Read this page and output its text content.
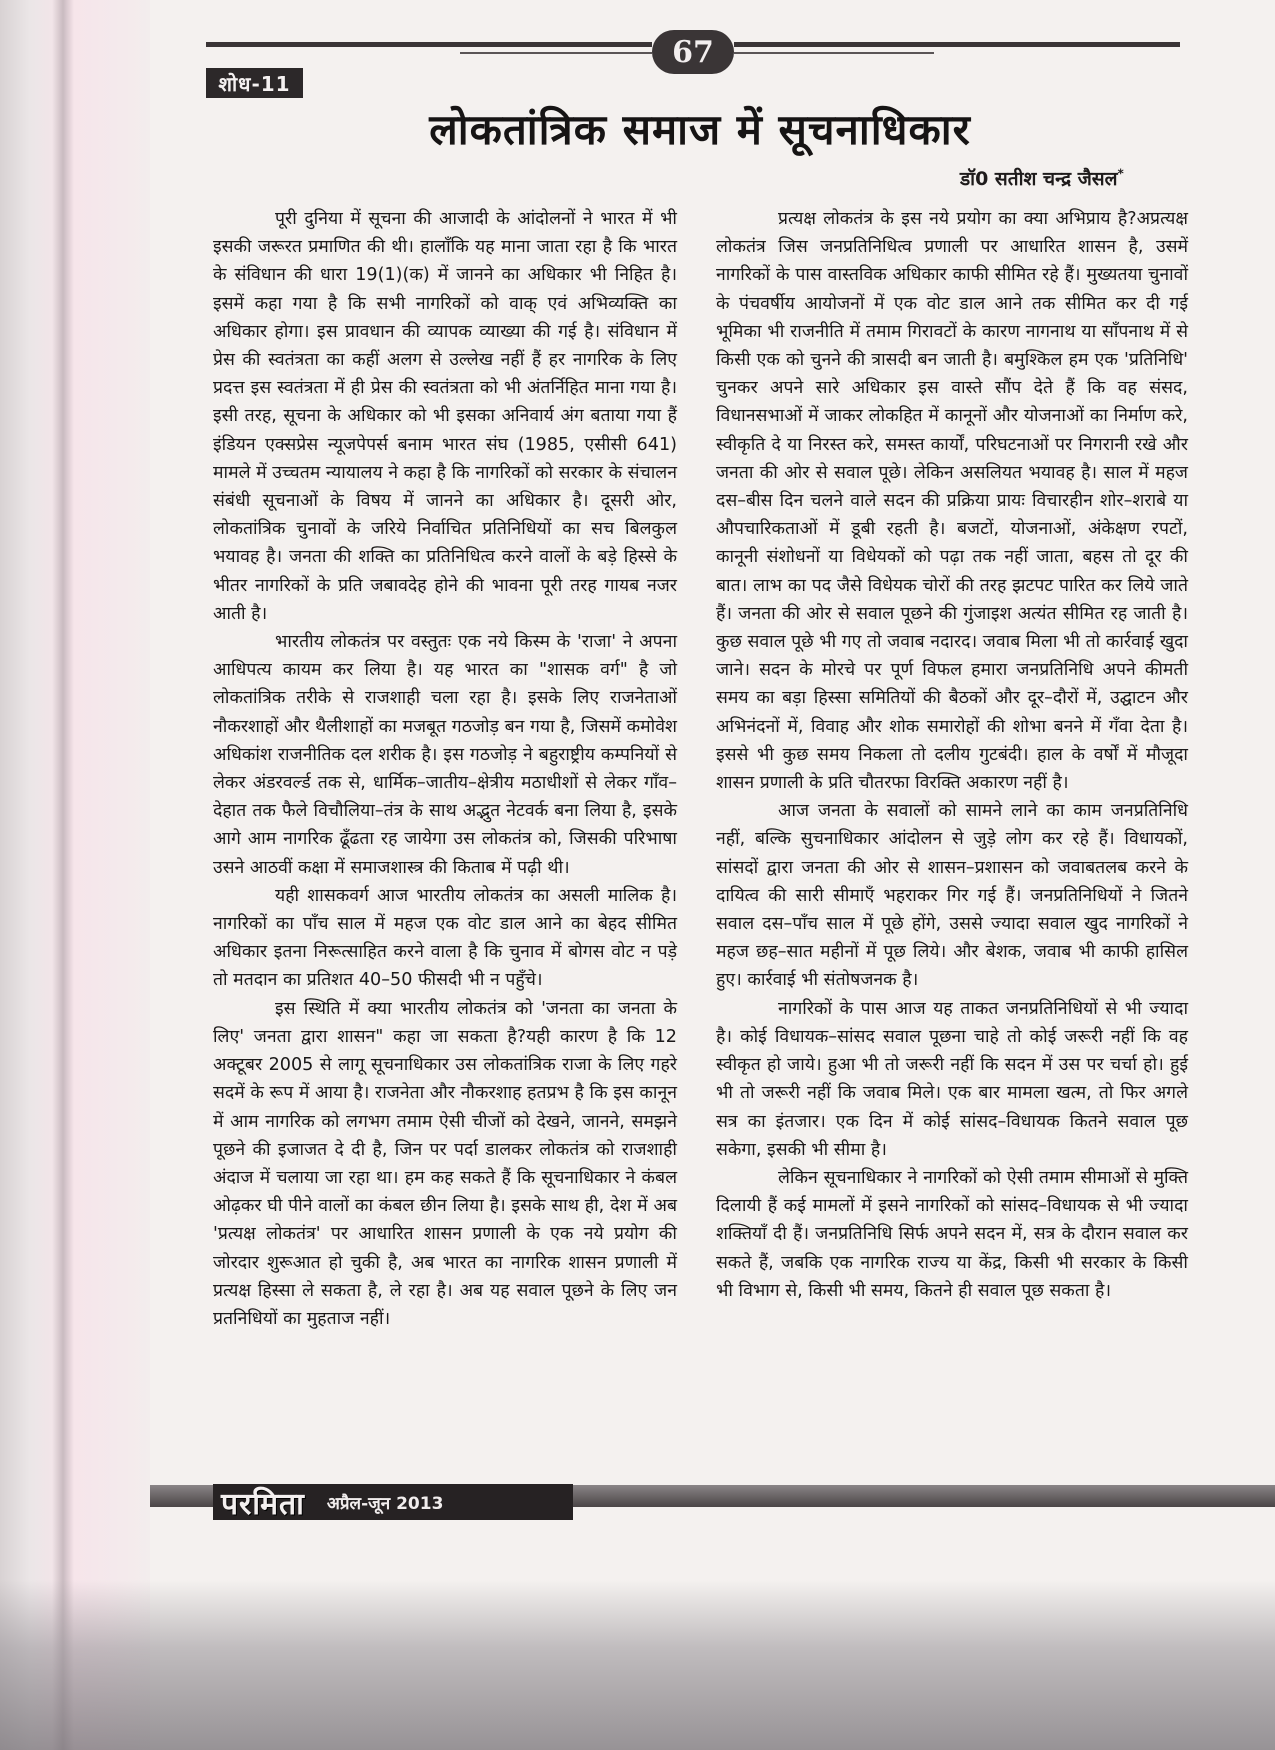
67
शोध-11
लोकतांत्रिक समाज में सूचनाधिकार
डॉ0 सतीश चन्द्र जैसल*

पूरी दुनिया में सूचना की आजादी के आंदोलनों ने भारत में भी इसकी जरूरत प्रमाणित की थी। हालाँकि यह माना जाता रहा है कि भारत के संविधान की धारा 19(1)(क) में जानने का अधिकार भी निहित है। इसमें कहा गया है कि सभी नागरिकों को वाक् एवं अभिव्यक्ति का अधिकार होगा। इस प्रावधान की व्यापक व्याख्या की गई है। संविधान में प्रेस की स्वतंत्रता का कहीं अलग से उल्लेख नहीं हैं हर नागरिक के लिए प्रदत्त इस स्वतंत्रता में ही प्रेस की स्वतंत्रता को भी अंतर्निहित माना गया है। इसी तरह, सूचना के अधिकार को भी इसका अनिवार्य अंग बताया गया हैं इंडियन एक्सप्रेस न्यूजपेपर्स बनाम भारत संघ (1985, एसीसी 641) मामले में उच्चतम न्यायालय ने कहा है कि नागरिकों को सरकार के संचालन संबंधी सूचनाओं के विषय में जानने का अधिकार है। दूसरी ओर, लोकतांत्रिक चुनावों के जरिये निर्वाचित प्रतिनिधियों का सच बिलकुल भयावह है। जनता की शक्ति का प्रतिनिधित्व करने वालों के बड़े हिस्से के भीतर नागरिकों के प्रति जबावदेह होने की भावना पूरी तरह गायब नजर आती है।

भारतीय लोकतंत्र पर वस्तुतः एक नये किस्म के 'राजा' ने अपना आधिपत्य कायम कर लिया है। यह भारत का "शासक वर्ग" है जो लोकतांत्रिक तरीके से राजशाही चला रहा है। इसके लिए राजनेताओं नौकरशाहों और थैलीशाहों का मजबूत गठजोड़ बन गया है, जिसमें कमोवेश अधिकांश राजनीतिक दल शरीक है। इस गठजोड़ ने बहुराष्ट्रीय कम्पनियों से लेकर अंडरवर्ल्ड तक से, धार्मिक–जातीय–क्षेत्रीय मठाधीशों से लेकर गाँव–देहात तक फैले विचौलिया–तंत्र के साथ अद्भुत नेटवर्क बना लिया है, इसके आगे आम नागरिक ढूँढता रह जायेगा उस लोकतंत्र को, जिसकी परिभाषा उसने आठवीं कक्षा में समाजशास्त्र की किताब में पढ़ी थी।

यही शासकवर्ग आज भारतीय लोकतंत्र का असली मालिक है। नागरिकों का पाँच साल में महज एक वोट डाल आने का बेहद सीमित अधिकार इतना निरूत्साहित करने वाला है कि चुनाव में बोगस वोट न पड़े तो मतदान का प्रतिशत 40–50 फीसदी भी न पहुँचे।

इस स्थिति में क्या भारतीय लोकतंत्र को 'जनता का जनता के लिए' जनता द्वारा शासन" कहा जा सकता है?यही कारण है कि 12 अक्टूबर 2005 से लागू सूचनाधिकार उस लोकतांत्रिक राजा के लिए गहरे सदमें के रूप में आया है। राजनेता और नौकरशाह हतप्रभ है कि इस कानून में आम नागरिक को लगभग तमाम ऐसी चीजों को देखने, जानने, समझने पूछने की इजाजत दे दी है, जिन पर पर्दा डालकर लोकतंत्र को राजशाही अंदाज में चलाया जा रहा था। हम कह सकते हैं कि सूचनाधिकार ने कंबल ओढ़कर घी पीने वालों का कंबल छीन लिया है। इसके साथ ही, देश में अब 'प्रत्यक्ष लोकतंत्र' पर आधारित शासन प्रणाली के एक नये प्रयोग की जोरदार शुरूआत हो चुकी है, अब भारत का नागरिक शासन प्रणाली में प्रत्यक्ष हिस्सा ले सकता है, ले रहा है। अब यह सवाल पूछने के लिए जन प्रतनिधियों का मुहताज नहीं।

प्रत्यक्ष लोकतंत्र के इस नये प्रयोग का क्या अभिप्राय है?अप्रत्यक्ष लोकतंत्र जिस जनप्रतिनिधित्व प्रणाली पर आधारित शासन है, उसमें नागरिकों के पास वास्तविक अधिकार काफी सीमित रहे हैं। मुख्यतया चुनावों के पंचवर्षीय आयोजनों में एक वोट डाल आने तक सीमित कर दी गई भूमिका भी राजनीति में तमाम गिरावटों के कारण नागनाथ या साँपनाथ में से किसी एक को चुनने की त्रासदी बन जाती है। बमुश्किल हम एक 'प्रतिनिधि' चुनकर अपने सारे अधिकार इस वास्ते सौंप देते हैं कि वह संसद, विधानसभाओं में जाकर लोकहित में कानूनों और योजनाओं का निर्माण करे, स्वीकृति दे या निरस्त करे, समस्त कार्यों, परिघटनाओं पर निगरानी रखे और जनता की ओर से सवाल पूछे। लेकिन असलियत भयावह है। साल में महज दस–बीस दिन चलने वाले सदन की प्रक्रिया प्रायः विचारहीन शोर–शराबे या औपचारिकताओं में डूबी रहती है। बजटों, योजनाओं, अंकेक्षण रपटों, कानूनी संशोधनों या विधेयकों को पढ़ा तक नहीं जाता, बहस तो दूर की बात। लाभ का पद जैसे विधेयक चोरों की तरह झटपट पारित कर लिये जाते हैं। जनता की ओर से सवाल पूछने की गुंजाइश अत्यंत सीमित रह जाती है। कुछ सवाल पूछे भी गए तो जवाब नदारद। जवाब मिला भी तो कार्रवाई खुदा जाने। सदन के मोरचे पर पूर्ण विफल हमारा जनप्रतिनिधि अपने कीमती समय का बड़ा हिस्सा समितियों की बैठकों और दूर–दौरों में, उद्घाटन और अभिनंदनों में, विवाह और शोक समारोहों की शोभा बनने में गँवा देता है। इससे भी कुछ समय निकला तो दलीय गुटबंदी। हाल के वर्षों में मौजूदा शासन प्रणाली के प्रति चौतरफा विरक्ति अकारण नहीं है।

आज जनता के सवालों को सामने लाने का काम जनप्रतिनिधि नहीं, बल्कि सुचनाधिकार आंदोलन से जुड़े लोग कर रहे हैं। विधायकों, सांसदों द्वारा जनता की ओर से शासन–प्रशासन को जवाबतलब करने के दायित्व की सारी सीमाएँ भहराकर गिर गई हैं। जनप्रतिनिधियों ने जितने सवाल दस–पाँच साल में पूछे होंगे, उससे ज्यादा सवाल खुद नागरिकों ने महज छह–सात महीनों में पूछ लिये। और बेशक, जवाब भी काफी हासिल हुए। कार्रवाई भी संतोषजनक है।

नागरिकों के पास आज यह ताकत जनप्रतिनिधियों से भी ज्यादा है। कोई विधायक–सांसद सवाल पूछना चाहे तो कोई जरूरी नहीं कि वह स्वीकृत हो जाये। हुआ भी तो जरूरी नहीं कि सदन में उस पर चर्चा हो। हुई भी तो जरूरी नहीं कि जवाब मिले। एक बार मामला खत्म, तो फिर अगले सत्र का इंतजार। एक दिन में कोई सांसद–विधायक कितने सवाल पूछ सकेगा, इसकी भी सीमा है।

लेकिन सूचनाधिकार ने नागरिकों को ऐसी तमाम सीमाओं से मुक्ति दिलायी हैं कई मामलों में इसने नागरिकों को सांसद–विधायक से भी ज्यादा शक्तियाँ दी हैं। जनप्रतिनिधि सिर्फ अपने सदन में, सत्र के दौरान सवाल कर सकते हैं, जबकि एक नागरिक राज्य या केंद्र, किसी भी सरकार के किसी भी विभाग से, किसी भी समय, कितने ही सवाल पूछ सकता है।

परमिता अप्रैल-जून 2013
